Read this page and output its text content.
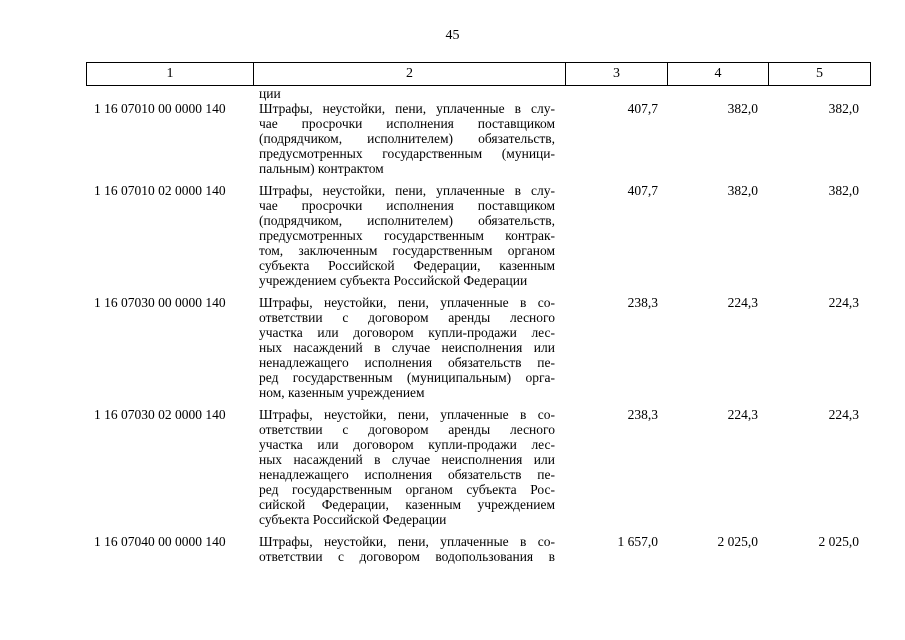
45
1	2	3	4	5
ции
1 16 07010 00 0000 140	Штрафы, неустойки, пени, уплаченные в слу-
чае просрочки исполнения поставщиком
(подрядчиком, исполнителем) обязательств,
предусмотренных государственным (муници-
пальным) контрактом
407,7	382,0	382,0
1 16 07010 02 0000 140	Штрафы, неустойки, пени, уплаченные в слу-
чае просрочки исполнения поставщиком
(подрядчиком, исполнителем) обязательств,
предусмотренных государственным контрак-
том, заключенным государственным органом
субъекта Российской Федерации, казенным
учреждением субъекта Российской Федерации
407,7	382,0	382,0
1 16 07030 00 0000 140	Штрафы, неустойки, пени, уплаченные в со-
ответствии с договором аренды лесного
участка или договором купли-продажи лес-
ных насаждений в случае неисполнения или
ненадлежащего исполнения обязательств пе-
ред государственным (муниципальным) орга-
ном, казенным учреждением
238,3	224,3	224,3
1 16 07030 02 0000 140	Штрафы, неустойки, пени, уплаченные в со-
ответствии с договором аренды лесного
участка или договором купли-продажи лес-
ных насаждений в случае неисполнения или
ненадлежащего исполнения обязательств пе-
ред государственным органом субъекта Рос-
сийской Федерации, казенным учреждением
субъекта Российской Федерации
238,3	224,3	224,3
1 16 07040 00 0000 140	Штрафы, неустойки, пени, уплаченные в со-
ответствии с договором водопользования в
1 657,0	2 025,0	2 025,0
